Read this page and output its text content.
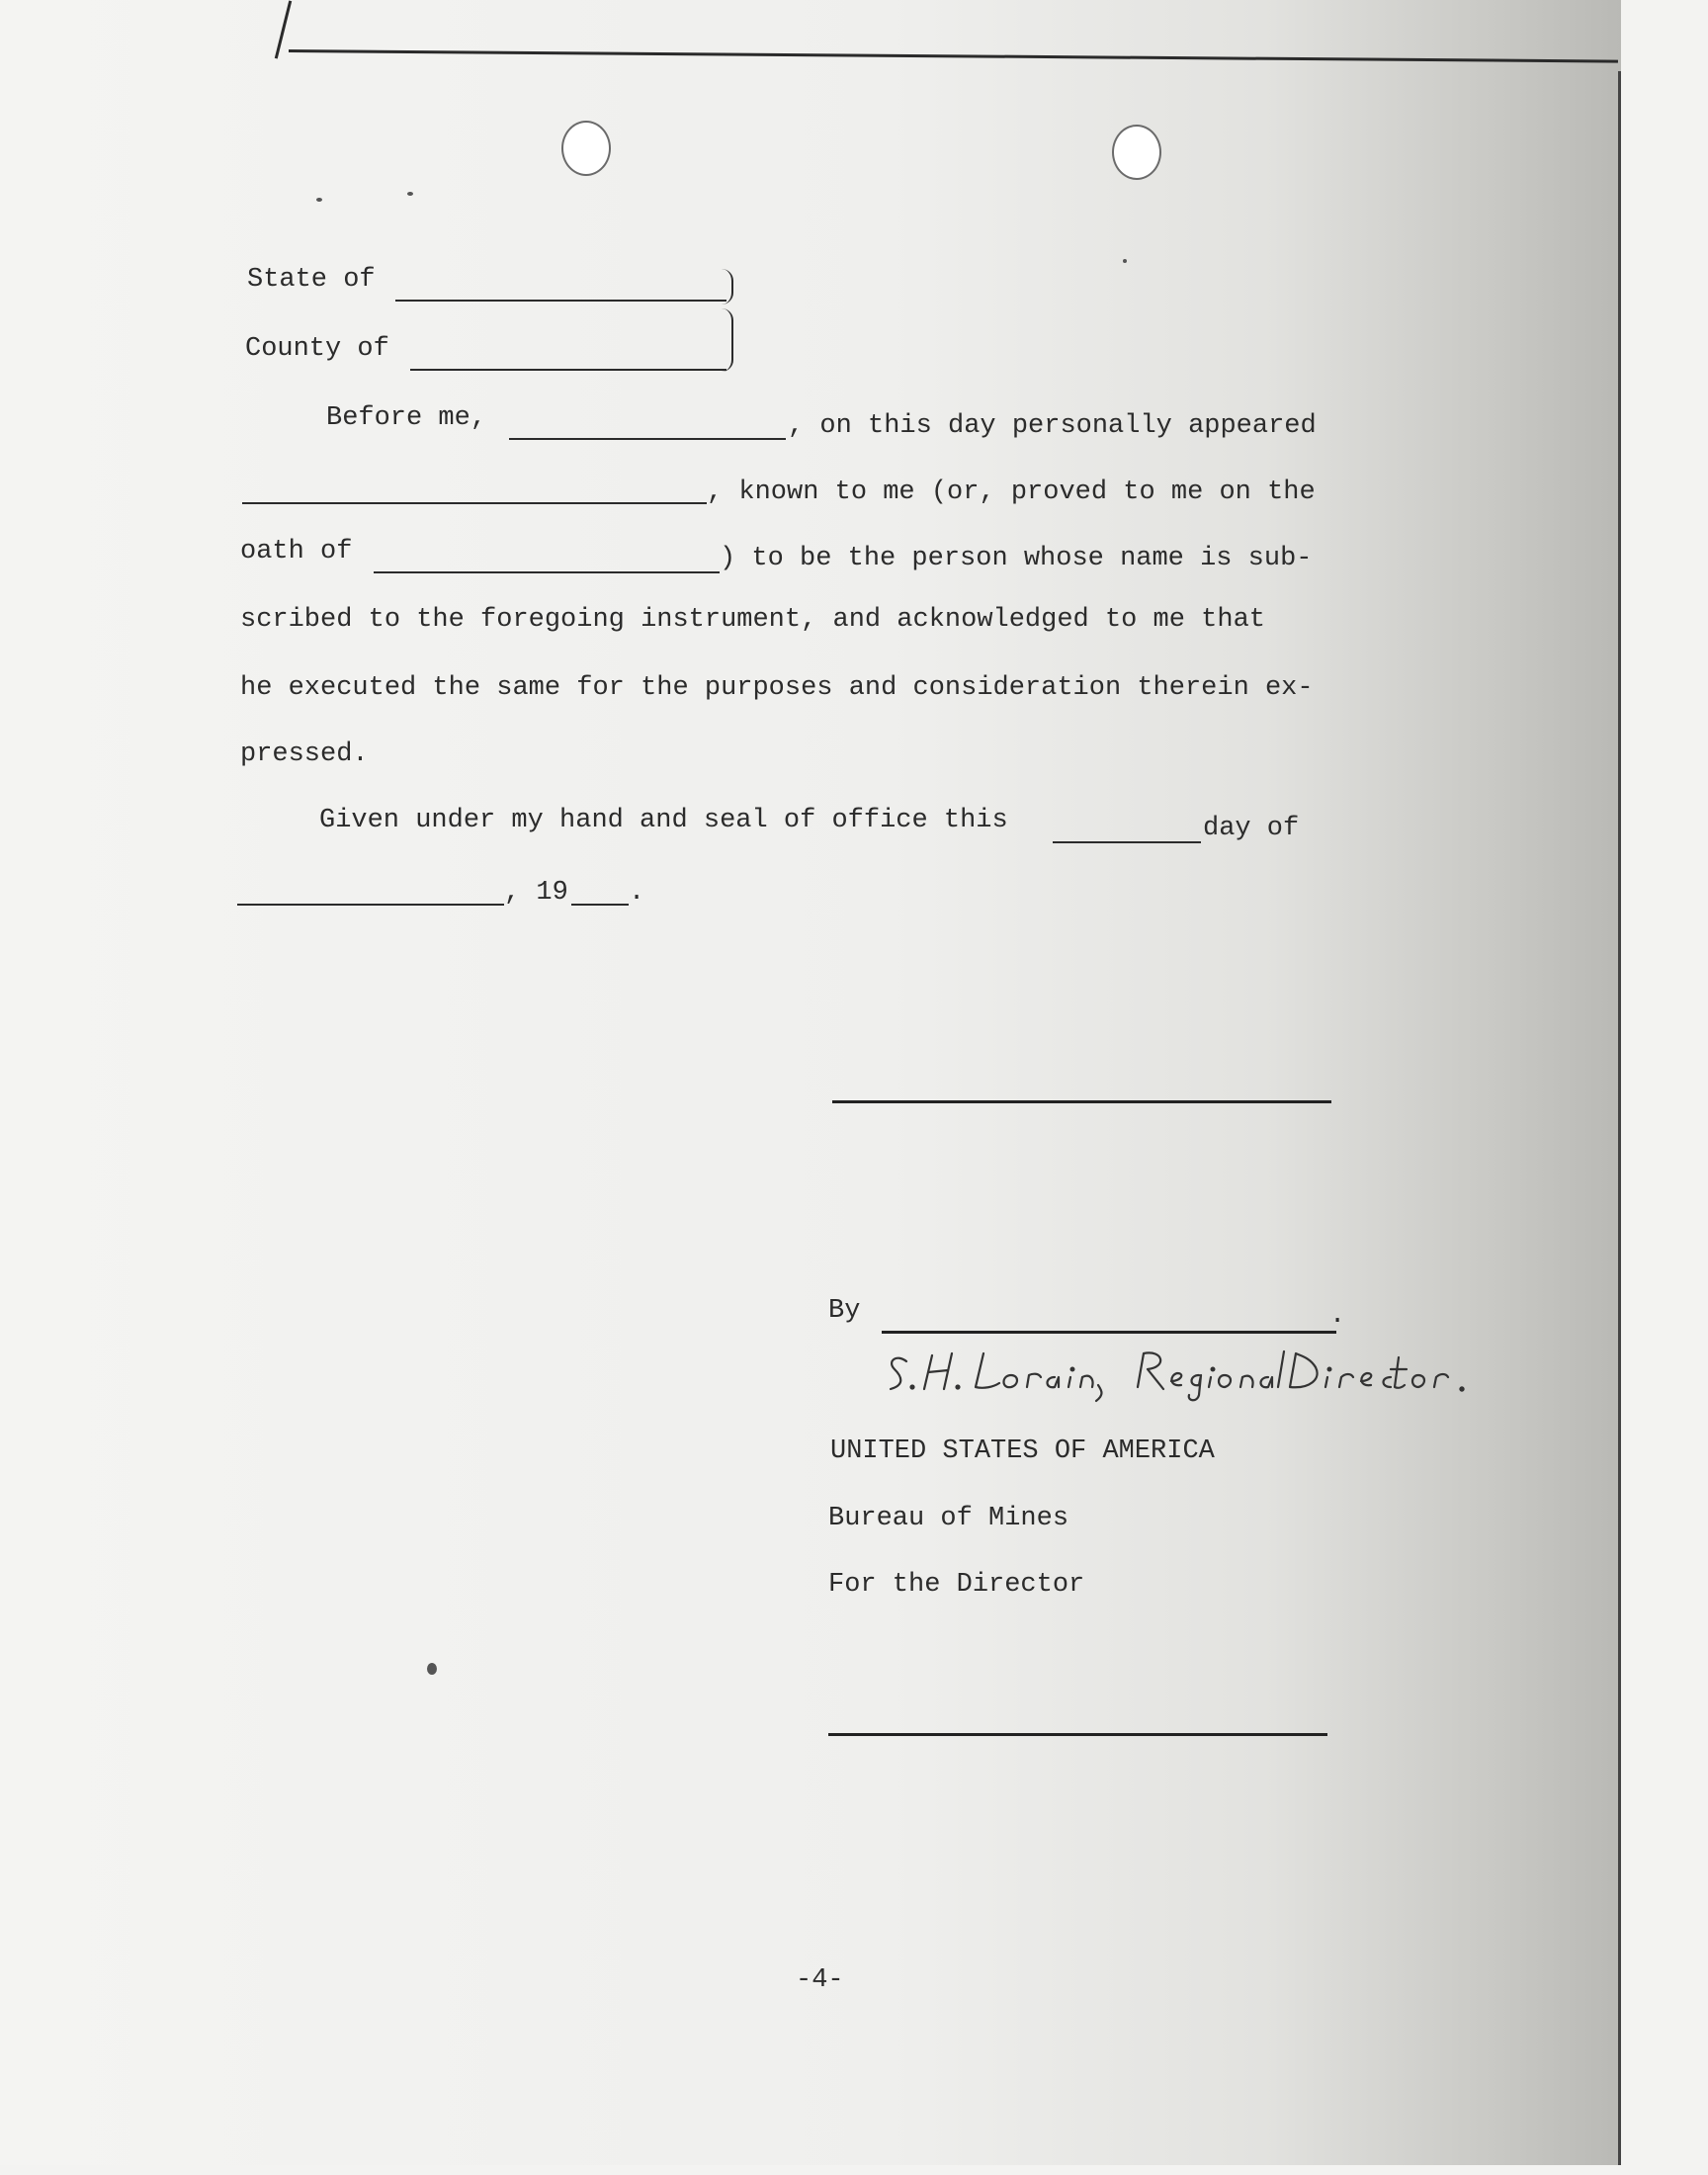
State of
County of
Before me,	, on this day personally appeared
, known to me (or, proved to me on the
oath of	) to be the person whose name is sub-
scribed to the foregoing instrument, and acknowledged to me that
he executed the same for the purposes and consideration therein ex-
pressed.
Given under my hand and seal of office this	day of
, 19 .
By	.
UNITED STATES OF AMERICA
Bureau of Mines
For the Director
-4-
